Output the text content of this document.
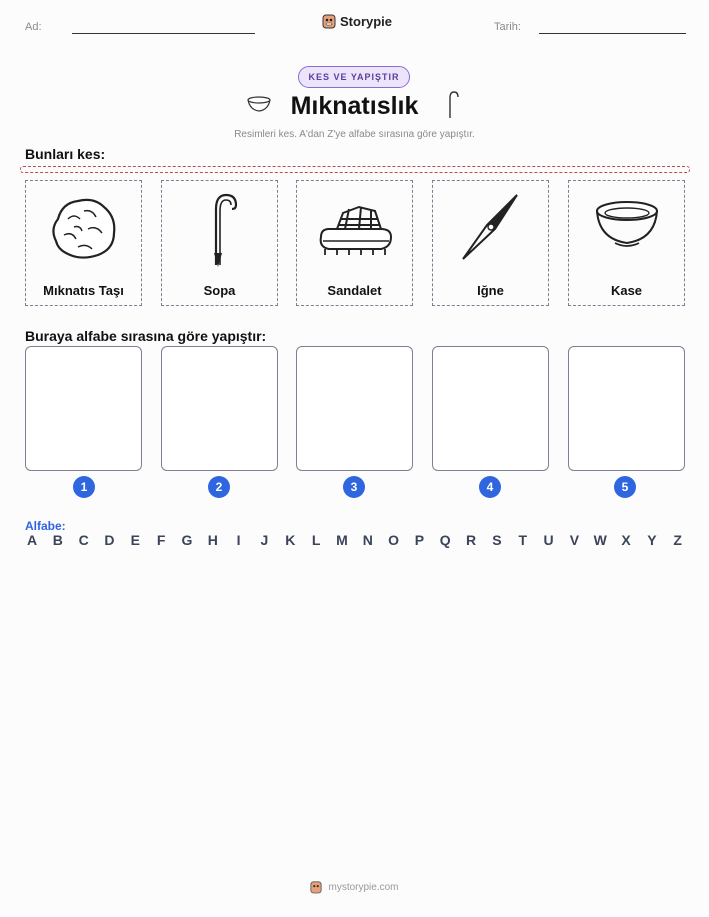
Ad:	Storypie	Tarih:
KES VE YAPIŞTIR
Mıknatıslık
Resimleri kes. A'dan Z'ye alfabe sırasına göre yapıştır.
Bunları kes:
Mıknatıs Taşı	Sopa	Sandalet	Iğne	Kase
Buraya alfabe sırasına göre yapıştır:
1	2	3	4	5
Alfabe:
A B C D E F G H	I	J K L M N O P Q R S T U V W X Y Z
mystorypie.com
